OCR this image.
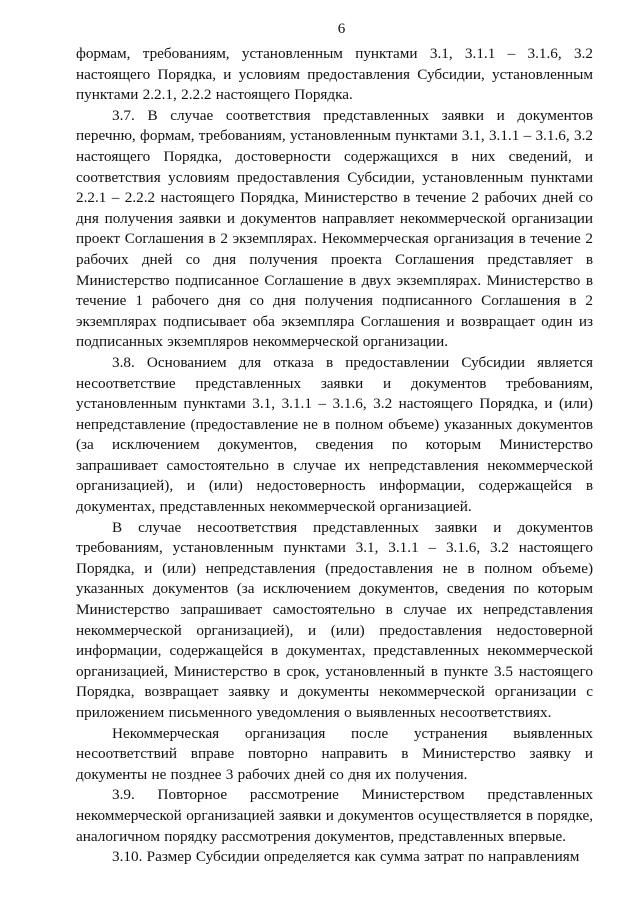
6

формам, требованиям, установленным пунктами 3.1, 3.1.1 – 3.1.6, 3.2 настоящего Порядка, и условиям предоставления Субсидии, установленным пунктами 2.2.1, 2.2.2 настоящего Порядка.

3.7. В случае соответствия представленных заявки и документов перечню, формам, требованиям, установленным пунктами 3.1, 3.1.1 – 3.1.6, 3.2 настоящего Порядка, достоверности содержащихся в них сведений, и соответствия условиям предоставления Субсидии, установленным пунктами 2.2.1 – 2.2.2 настоящего Порядка, Министерство в течение 2 рабочих дней со дня получения заявки и документов направляет некоммерческой организации проект Соглашения в 2 экземплярах. Некоммерческая организация в течение 2 рабочих дней со дня получения проекта Соглашения представляет в Министерство подписанное Соглашение в двух экземплярах. Министерство в течение 1 рабочего дня со дня получения подписанного Соглашения в 2 экземплярах подписывает оба экземпляра Соглашения и возвращает один из подписанных экземпляров некоммерческой организации.

3.8. Основанием для отказа в предоставлении Субсидии является несоответствие представленных заявки и документов требованиям, установленным пунктами 3.1, 3.1.1 – 3.1.6, 3.2 настоящего Порядка, и (или) непредставление (предоставление не в полном объеме) указанных документов (за исключением документов, сведения по которым Министерство запрашивает самостоятельно в случае их непредставления некоммерческой организацией), и (или) недостоверность информации, содержащейся в документах, представленных некоммерческой организацией.

В случае несоответствия представленных заявки и документов требованиям, установленным пунктами 3.1, 3.1.1 – 3.1.6, 3.2 настоящего Порядка, и (или) непредставления (предоставления не в полном объеме) указанных документов (за исключением документов, сведения по которым Министерство запрашивает самостоятельно в случае их непредставления некоммерческой организацией), и (или) предоставления недостоверной информации, содержащейся в документах, представленных некоммерческой организацией, Министерство в срок, установленный в пункте 3.5 настоящего Порядка, возвращает заявку и документы некоммерческой организации с приложением письменного уведомления о выявленных несоответствиях.

Некоммерческая организация после устранения выявленных несоответствий вправе повторно направить в Министерство заявку и документы не позднее 3 рабочих дней со дня их получения.

3.9. Повторное рассмотрение Министерством представленных некоммерческой организацией заявки и документов осуществляется в порядке, аналогичном порядку рассмотрения документов, представленных впервые.

3.10. Размер Субсидии определяется как сумма затрат по направлениям
